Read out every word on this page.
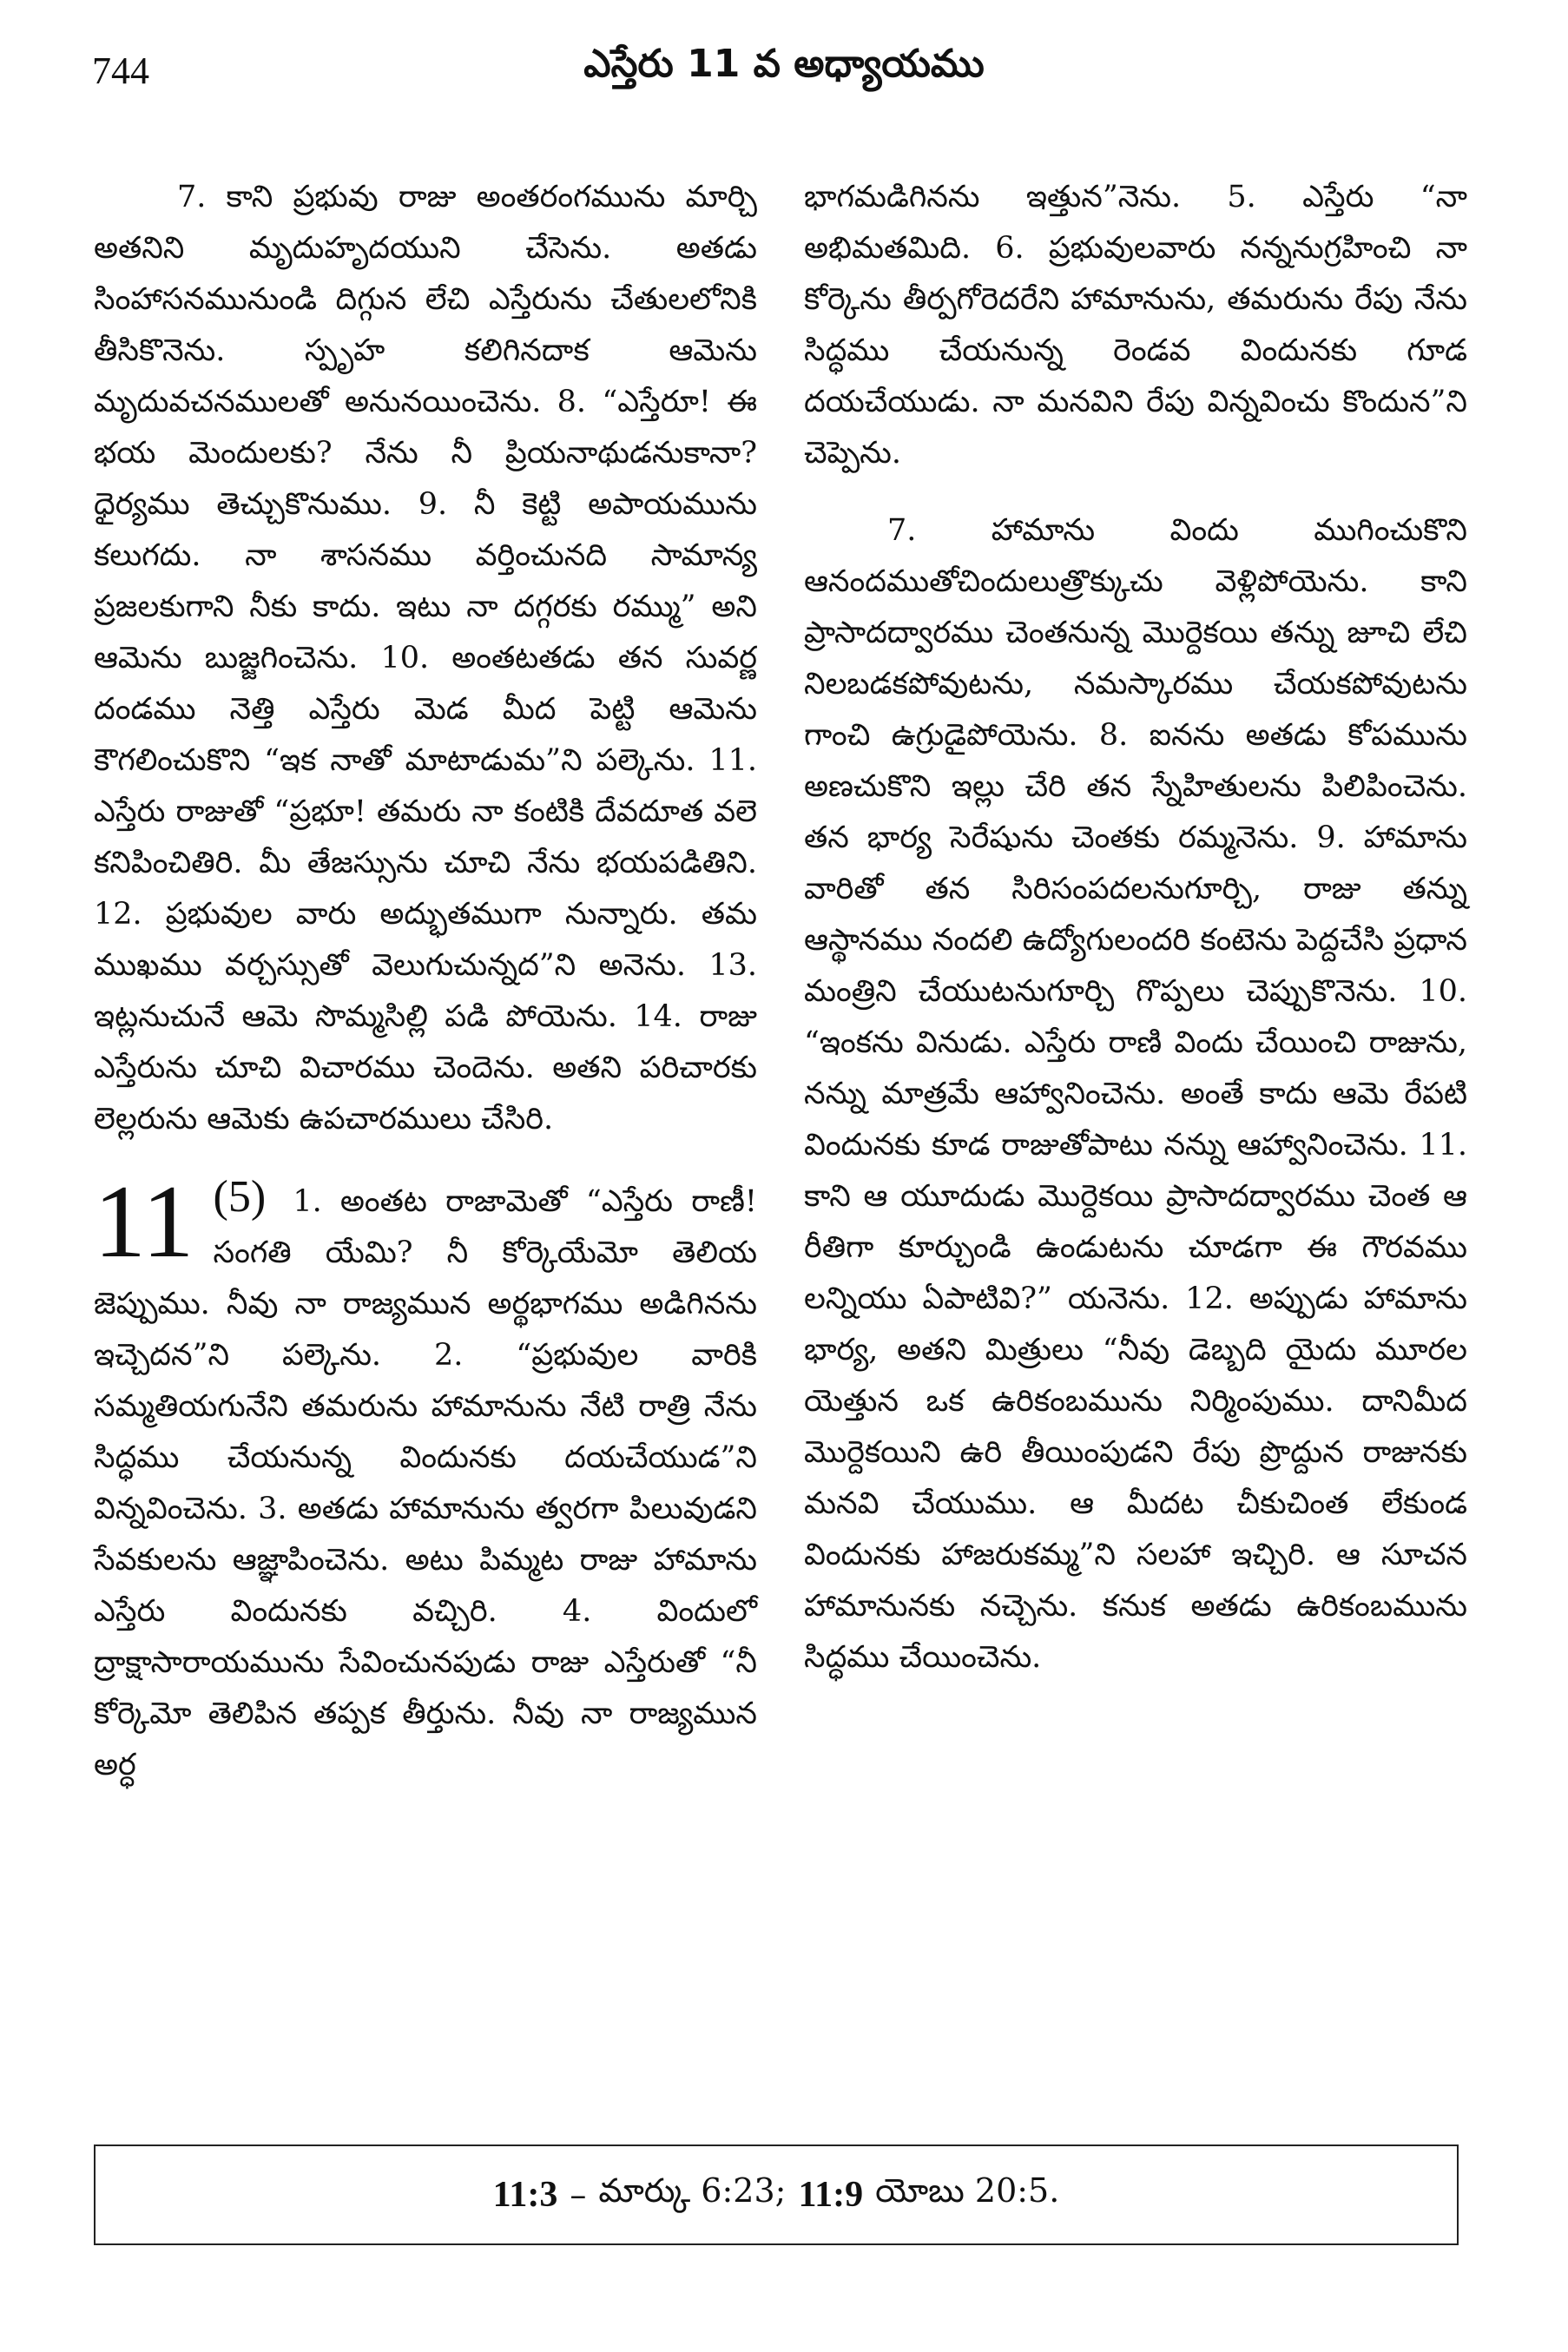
744	ఎస్తేరు 11 వ అధ్యాయము

7. కాని ప్రభువు రాజు అంతరంగమును మార్చి అతనిని మృదుహృదయుని చేసెను. అతడు సింహాసనమునుండి దిగ్గున లేచి ఎస్తేరును చేతులలోనికి తీసికొనెను. స్పృహ కలిగినదాక ఆమెను మృదువచనములతో అనునయించెను. 8. “ఎస్తేరూ! ఈ భయ మెందులకు? నేను నీ ప్రియనాథుడనుకానా? ధైర్యము తెచ్చుకొనుము. 9. నీ కెట్టి అపాయమును కలుగదు. నా శాసనము వర్తించునది సామాన్య ప్రజలకుగాని నీకు కాదు. ఇటు నా దగ్గరకు రమ్ము” అని ఆమెను బుజ్జగించెను. 10. అంతటతడు తన సువర్ణ దండము నెత్తి ఎస్తేరు మెడ మీద పెట్టి ఆమెను కౌగలించుకొని “ఇక నాతో మాటాడుమ”ని పల్కెను. 11. ఎస్తేరు రాజుతో “ప్రభూ! తమరు నా కంటికి దేవదూత వలె కనిపించితిరి. మీ తేజస్సును చూచి నేను భయపడితిని. 12. ప్రభువుల వారు అద్భుతముగా నున్నారు. తమ ముఖము వర్చస్సుతో వెలుగుచున్నద”ని అనెను. 13. ఇట్లనుచునే ఆమె సొమ్మసిల్లి పడి పోయెను. 14. రాజు ఎస్తేరును చూచి విచారము చెందెను. అతని పరిచారకు లెల్లరును ఆమెకు ఉపచారములు చేసిరి.

11 (5) 1. అంతట రాజామెతో “ఎస్తేరు రాణీ! సంగతి యేమి? నీ కోర్కెయేమో తెలియ జెప్పుము. నీవు నా రాజ్యమున అర్థభాగము అడిగినను ఇచ్చెదన”ని పల్కెను. 2. “ప్రభువుల వారికి సమ్మతియగునేని తమరును హామానును నేటి రాత్రి నేను సిద్ధము చేయనున్న విందునకు దయచేయుడ”ని విన్నవించెను. 3. అతడు హామానును త్వరగా పిలువుడని సేవకులను ఆజ్ఞాపించెను. అటు పిమ్మట రాజు హామాను ఎస్తేరు విందునకు వచ్చిరి. 4. విందులో ద్రాక్షాసారాయమును సేవించునపుడు రాజు ఎస్తేరుతో “నీ కోర్కెమో తెలిపిన తప్పక తీర్తును. నీవు నా రాజ్యమున అర్ధ

భాగమడిగినను ఇత్తున”నెను. 5. ఎస్తేరు “నా అభిమతమిది. 6. ప్రభువులవారు నన్ననుగ్రహించి నా కోర్కెను తీర్పగోరెదరేని హామానును, తమరును రేపు నేను సిద్ధము చేయనున్న రెండవ విందునకు గూడ దయచేయుడు. నా మనవిని రేపు విన్నవించు కొందున”ని చెప్పెను.

7. హామాను విందు ముగించుకొని ఆనందముతోచిందులుత్రొక్కుచు వెళ్లిపోయెను. కాని ప్రాసాదద్వారము చెంతనున్న మొర్దెకయి తన్ను జూచి లేచి నిలబడకపోవుటను, నమస్కారము చేయకపోవుటను గాంచి ఉగ్రుడైపోయెను. 8. ఐనను అతడు కోపమును అణచుకొని ఇల్లు చేరి తన స్నేహితులను పిలిపించెను. తన భార్య సెరేషును చెంతకు రమ్మనెను. 9. హామాను వారితో తన సిరిసంపదలనుగూర్చి, రాజు తన్ను ఆస్థానము నందలి ఉద్యోగులందరి కంటెను పెద్దచేసి ప్రధాన మంత్రిని చేయుటనుగూర్చి గొప్పలు చెప్పుకొనెను. 10. “ఇంకను వినుడు. ఎస్తేరు రాణి విందు చేయించి రాజును, నన్ను మాత్రమే ఆహ్వానించెను. అంతే కాదు ఆమె రేపటి విందునకు కూడ రాజుతోపాటు నన్ను ఆహ్వానించెను. 11. కాని ఆ యూదుడు మొర్దెకయి ప్రాసాదద్వారము చెంత ఆ రీతిగా కూర్చుండి ఉండుటను చూడగా ఈ గౌరవము లన్నియు ఏపాటివి?” యనెను. 12. అప్పుడు హామాను భార్య, అతని మిత్రులు “నీవు డెబ్బది యైదు మూరల యెత్తున ఒక ఉరికంబమును నిర్మింపుము. దానిమీద మొర్దెకయిని ఉరి తీయింపుడని రేపు ప్రొద్దున రాజునకు మనవి చేయుము. ఆ మీదట చీకుచింత లేకుండ విందునకు హాజరుకమ్మ”ని సలహా ఇచ్చిరి. ఆ సూచన హామానునకు నచ్చెను. కనుక అతడు ఉరికంబమును సిద్ధము చేయించెను.

11:3 – మార్కు 6:23; 11:9 యోబు 20:5.
